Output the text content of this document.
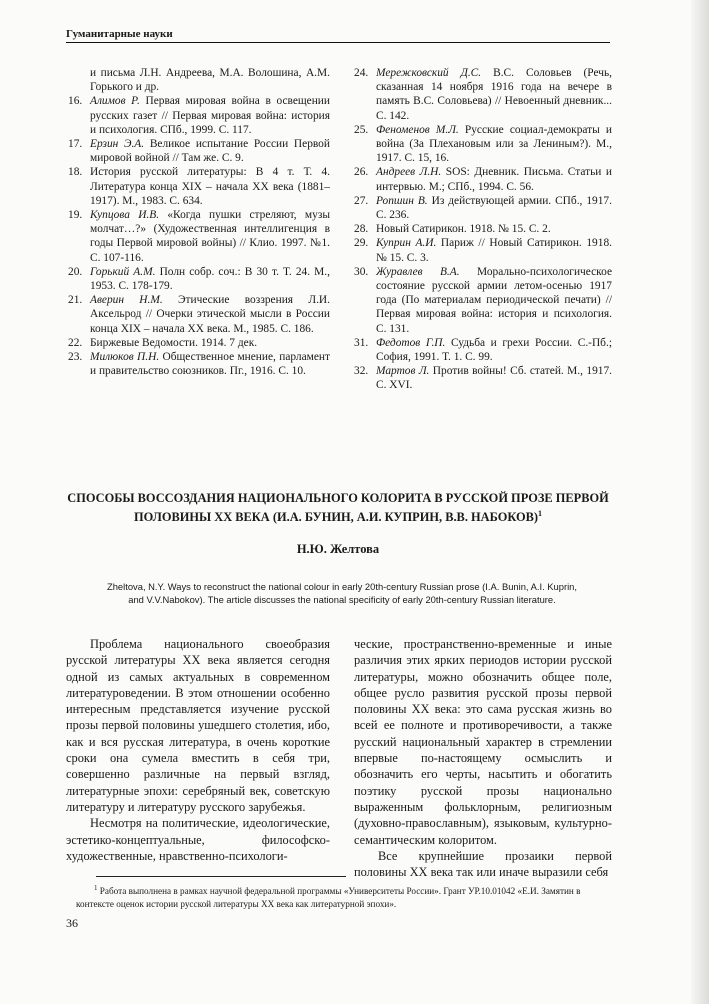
Гуманитарные науки
и письма Л.Н. Андреева, М.А. Волошина, А.М. Горького и др.
16. Алимов Р. Первая мировая война в освещении русских газет // Первая мировая война: история и психология. СПб., 1999. С. 117.
17. Ерзин Э.А. Великое испытание России Первой мировой войной // Там же. С. 9.
18. История русской литературы: В 4 т. Т. 4. Литература конца XIX – начала XX века (1881–1917). М., 1983. С. 634.
19. Купцова И.В. «Когда пушки стреляют, музы молчат…?» (Художественная интеллигенция в годы Первой мировой войны) // Клио. 1997. №1. С. 107-116.
20. Горький А.М. Полн собр. соч.: В 30 т. Т. 24. М., 1953. С. 178-179.
21. Аверин Н.М. Этические воззрения Л.И. Аксельрод // Очерки этической мысли в России конца XIX – начала XX века. М., 1985. С. 186.
22. Биржевые Ведомости. 1914. 7 дек.
23. Милюков П.Н. Общественное мнение, парламент и правительство союзников. Пг., 1916. С. 10.
24. Мережковский Д.С. В.С. Соловьев (Речь, сказанная 14 ноября 1916 года на вечере в память В.С. Соловьева) // Невоенный дневник... С. 142.
25. Феноменов М.Л. Русские социал-демократы и война (За Плехановым или за Лениным?). М., 1917. С. 15, 16.
26. Андреев Л.Н. SOS: Дневник. Письма. Статьи и интервью. М.; СПб., 1994. С. 56.
27. Ропшин В. Из действующей армии. СПб., 1917. С. 236.
28. Новый Сатирикон. 1918. № 15. С. 2.
29. Куприн А.И. Париж // Новый Сатирикон. 1918. № 15. С. 3.
30. Журавлев В.А. Морально-психологическое состояние русской армии летом-осенью 1917 года (По материалам периодической печати) // Первая мировая война: история и психология. С. 131.
31. Федотов Г.П. Судьба и грехи России. С.-Пб.; София, 1991. Т. 1. С. 99.
32. Мартов Л. Против войны! Сб. статей. М., 1917. С. XVI.
СПОСОБЫ ВОССОЗДАНИЯ НАЦИОНАЛЬНОГО КОЛОРИТА В РУССКОЙ ПРОЗЕ ПЕРВОЙ ПОЛОВИНЫ XX ВЕКА (И.А. БУНИН, А.И. КУПРИН, В.В. НАБОКОВ)$^1$
Н.Ю. Желтова
Zheltova, N.Y. Ways to reconstruct the national colour in early 20th-century Russian prose (I.A. Bunin, A.I. Kuprin, and V.V.Nabokov). The article discusses the national specificity of early 20th-century Russian literature.

Проблема национального своеобразия русской литературы XX века является сегодня одной из самых актуальных в современном литературоведении. В этом отношении особенно интересным представляется изучение русской прозы первой половины ушедшего столетия, ибо, как и вся русская литература, в очень короткие сроки она сумела вместить в себя три, совершенно различные на первый взгляд, литературные эпохи: серебряный век, советскую литературу и литературу русского зарубежья.

Несмотря на политические, идеологические, эстетико-концептуальные, философско-художественные, нравственно-психологи-

ческие, пространственно-временные и иные различия этих ярких периодов истории русской литературы, можно обозначить общее поле, общее русло развития русской прозы первой половины XX века: это сама русская жизнь во всей ее полноте и противоречивости, а также русский национальный характер в стремлении впервые по-настоящему осмыслить и обозначить его черты, насытить и обогатить поэтику русской прозы национально выраженным фольклорным, религиозным (духовно-православным), языковым, культурно-семантическим колоритом.

Все крупнейшие прозаики первой половины XX века так или иначе выразили себя

$^1$ Работа выполнена в рамках научной федеральной программы «Университеты России». Грант УР.10.01042 «Е.И. Замятин в контексте оценок истории русской литературы XX века как литературной эпохи».

36
